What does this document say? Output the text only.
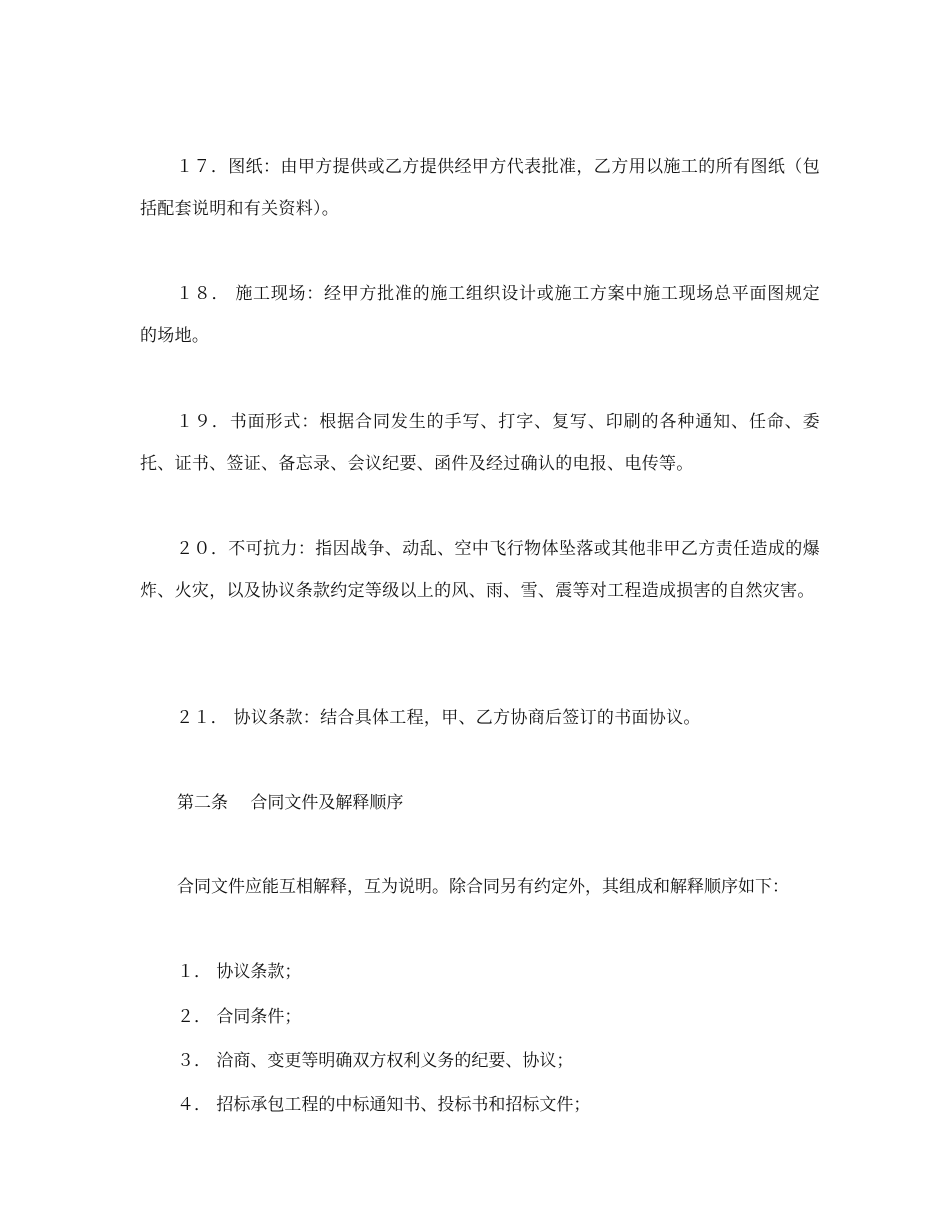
１７．图纸：由甲方提供或乙方提供经甲方代表批准，乙方用以施工的所有图纸（包括配套说明和有关资料）。

１８． 施工现场：经甲方批准的施工组织设计或施工方案中施工现场总平面图规定的场地。

１９．书面形式：根据合同发生的手写、打字、复写、印刷的各种通知、任命、委托、证书、签证、备忘录、会议纪要、函件及经过确认的电报、电传等。

２０．不可抗力：指因战争、动乱、空中飞行物体坠落或其他非甲乙方责任造成的爆炸、火灾，以及协议条款约定等级以上的风、雨、雪、震等对工程造成损害的自然灾害。

２１． 协议条款：结合具体工程，甲、乙方协商后签订的书面协议。

第二条　 合同文件及解释顺序

合同文件应能互相解释，互为说明。除合同另有约定外，其组成和解释顺序如下：

１． 协议条款；

２． 合同条件；

３． 洽商、变更等明确双方权利义务的纪要、协议；

４． 招标承包工程的中标通知书、投标书和招标文件；
